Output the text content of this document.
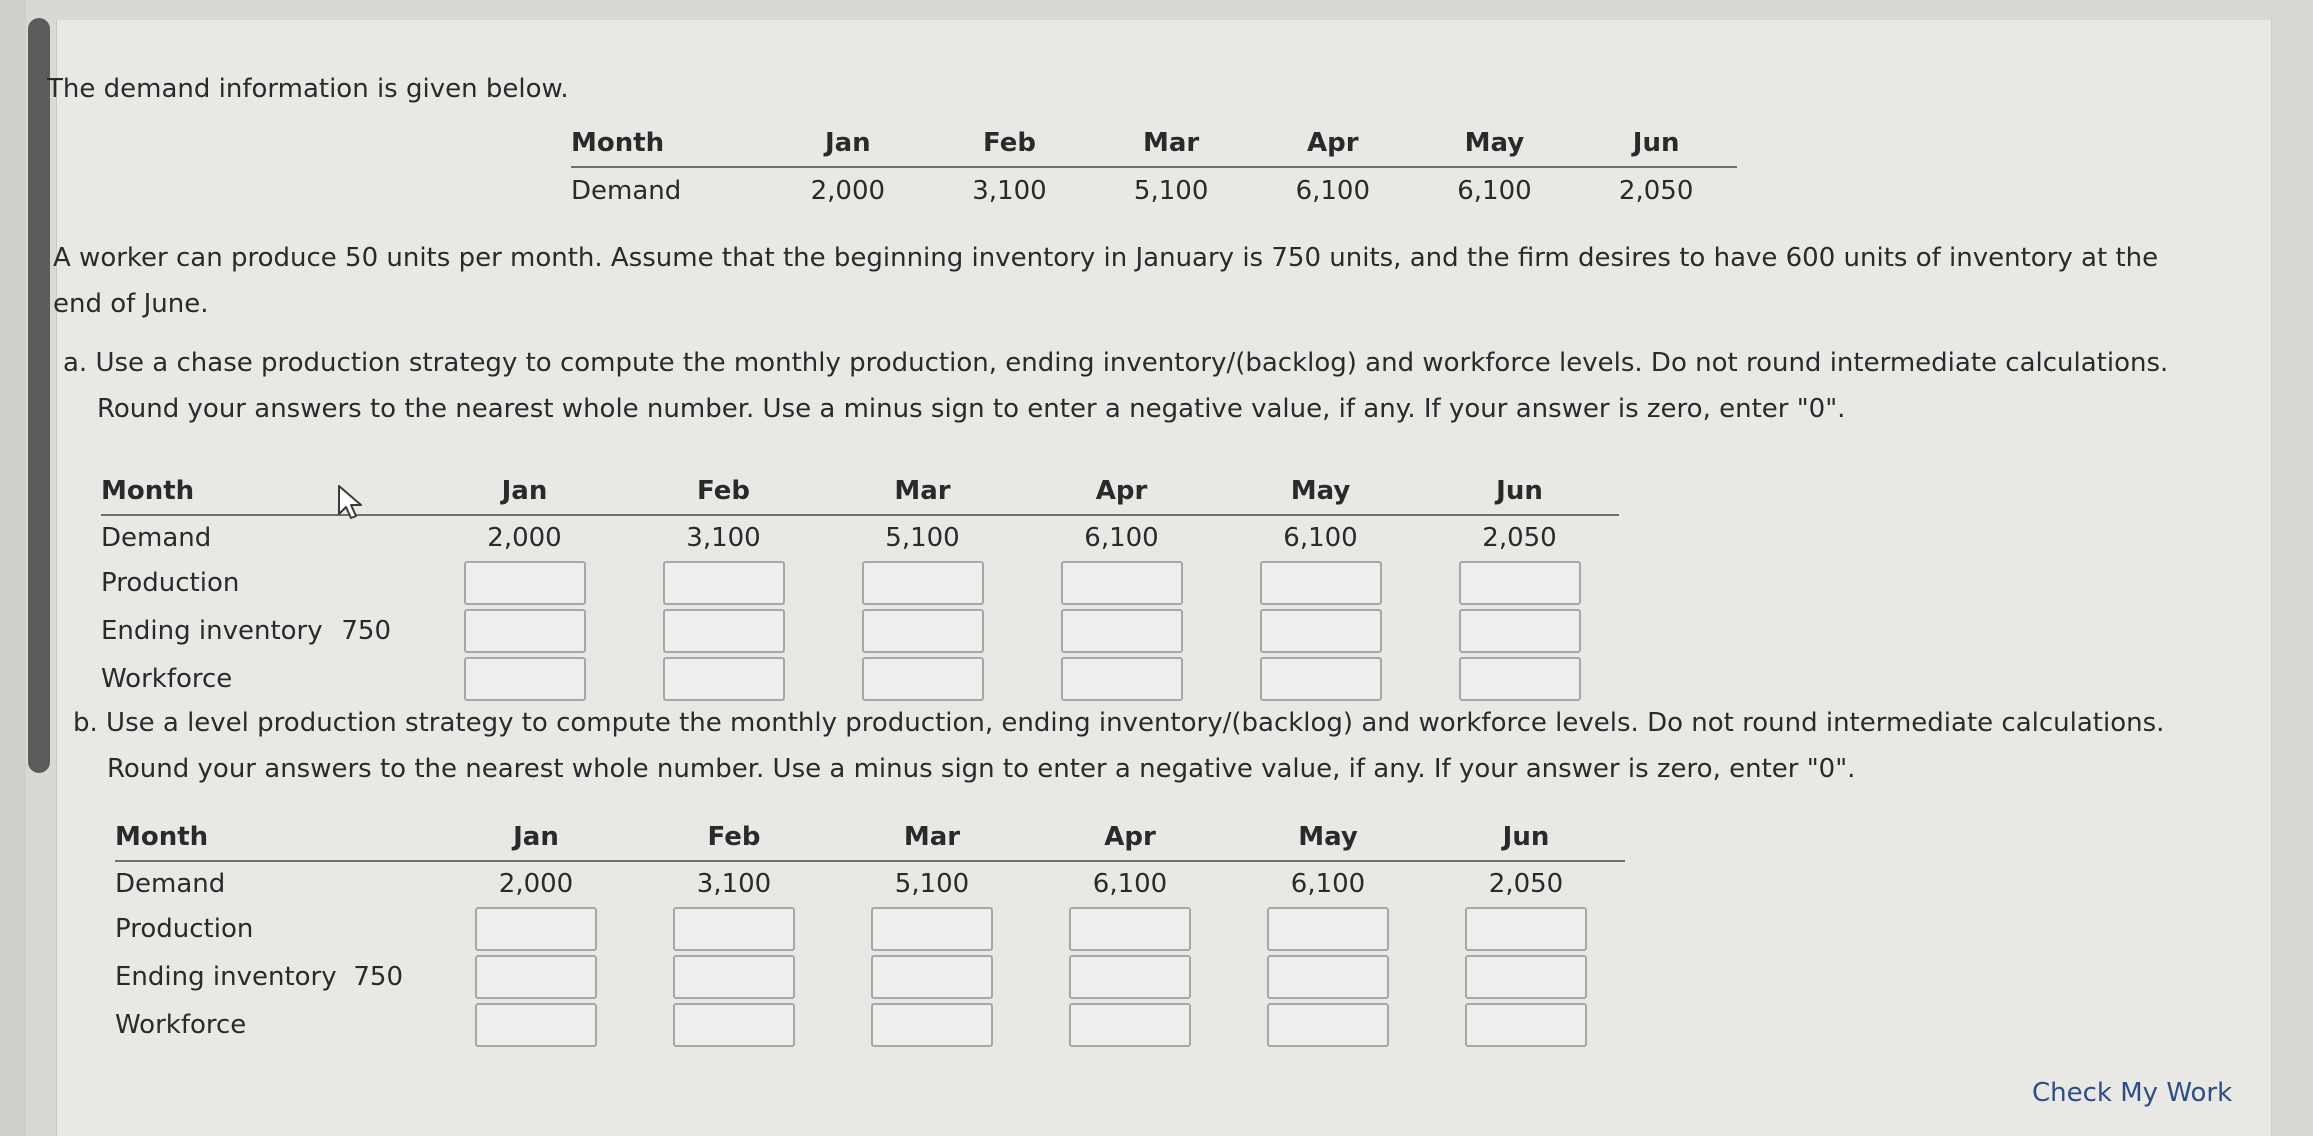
The demand information is given below.
Month	Jan	Feb	Mar	Apr	May	Jun
Demand	2,000	3,100	5,100	6,100	6,100	2,050
A worker can produce 50 units per month. Assume that the beginning inventory in January is 750 units, and the firm desires to have 600 units of inventory at the end of June.
a. Use a chase production strategy to compute the monthly production, ending inventory/(backlog) and workforce levels. Do not round intermediate calculations. Round your answers to the nearest whole number. Use a minus sign to enter a negative value, if any. If your answer is zero, enter "0".
Month		Jan	Feb	Mar	Apr	May	Jun
Demand		2,000	3,100	5,100	6,100	6,100	2,050
Production							
Ending inventory	750						
Workforce							
b. Use a level production strategy to compute the monthly production, ending inventory/(backlog) and workforce levels. Do not round intermediate calculations. Round your answers to the nearest whole number. Use a minus sign to enter a negative value, if any. If your answer is zero, enter "0".
Month		Jan	Feb	Mar	Apr	May	Jun
Demand		2,000	3,100	5,100	6,100	6,100	2,050
Production							
Ending inventory	750						
Workforce							
Check My Work
